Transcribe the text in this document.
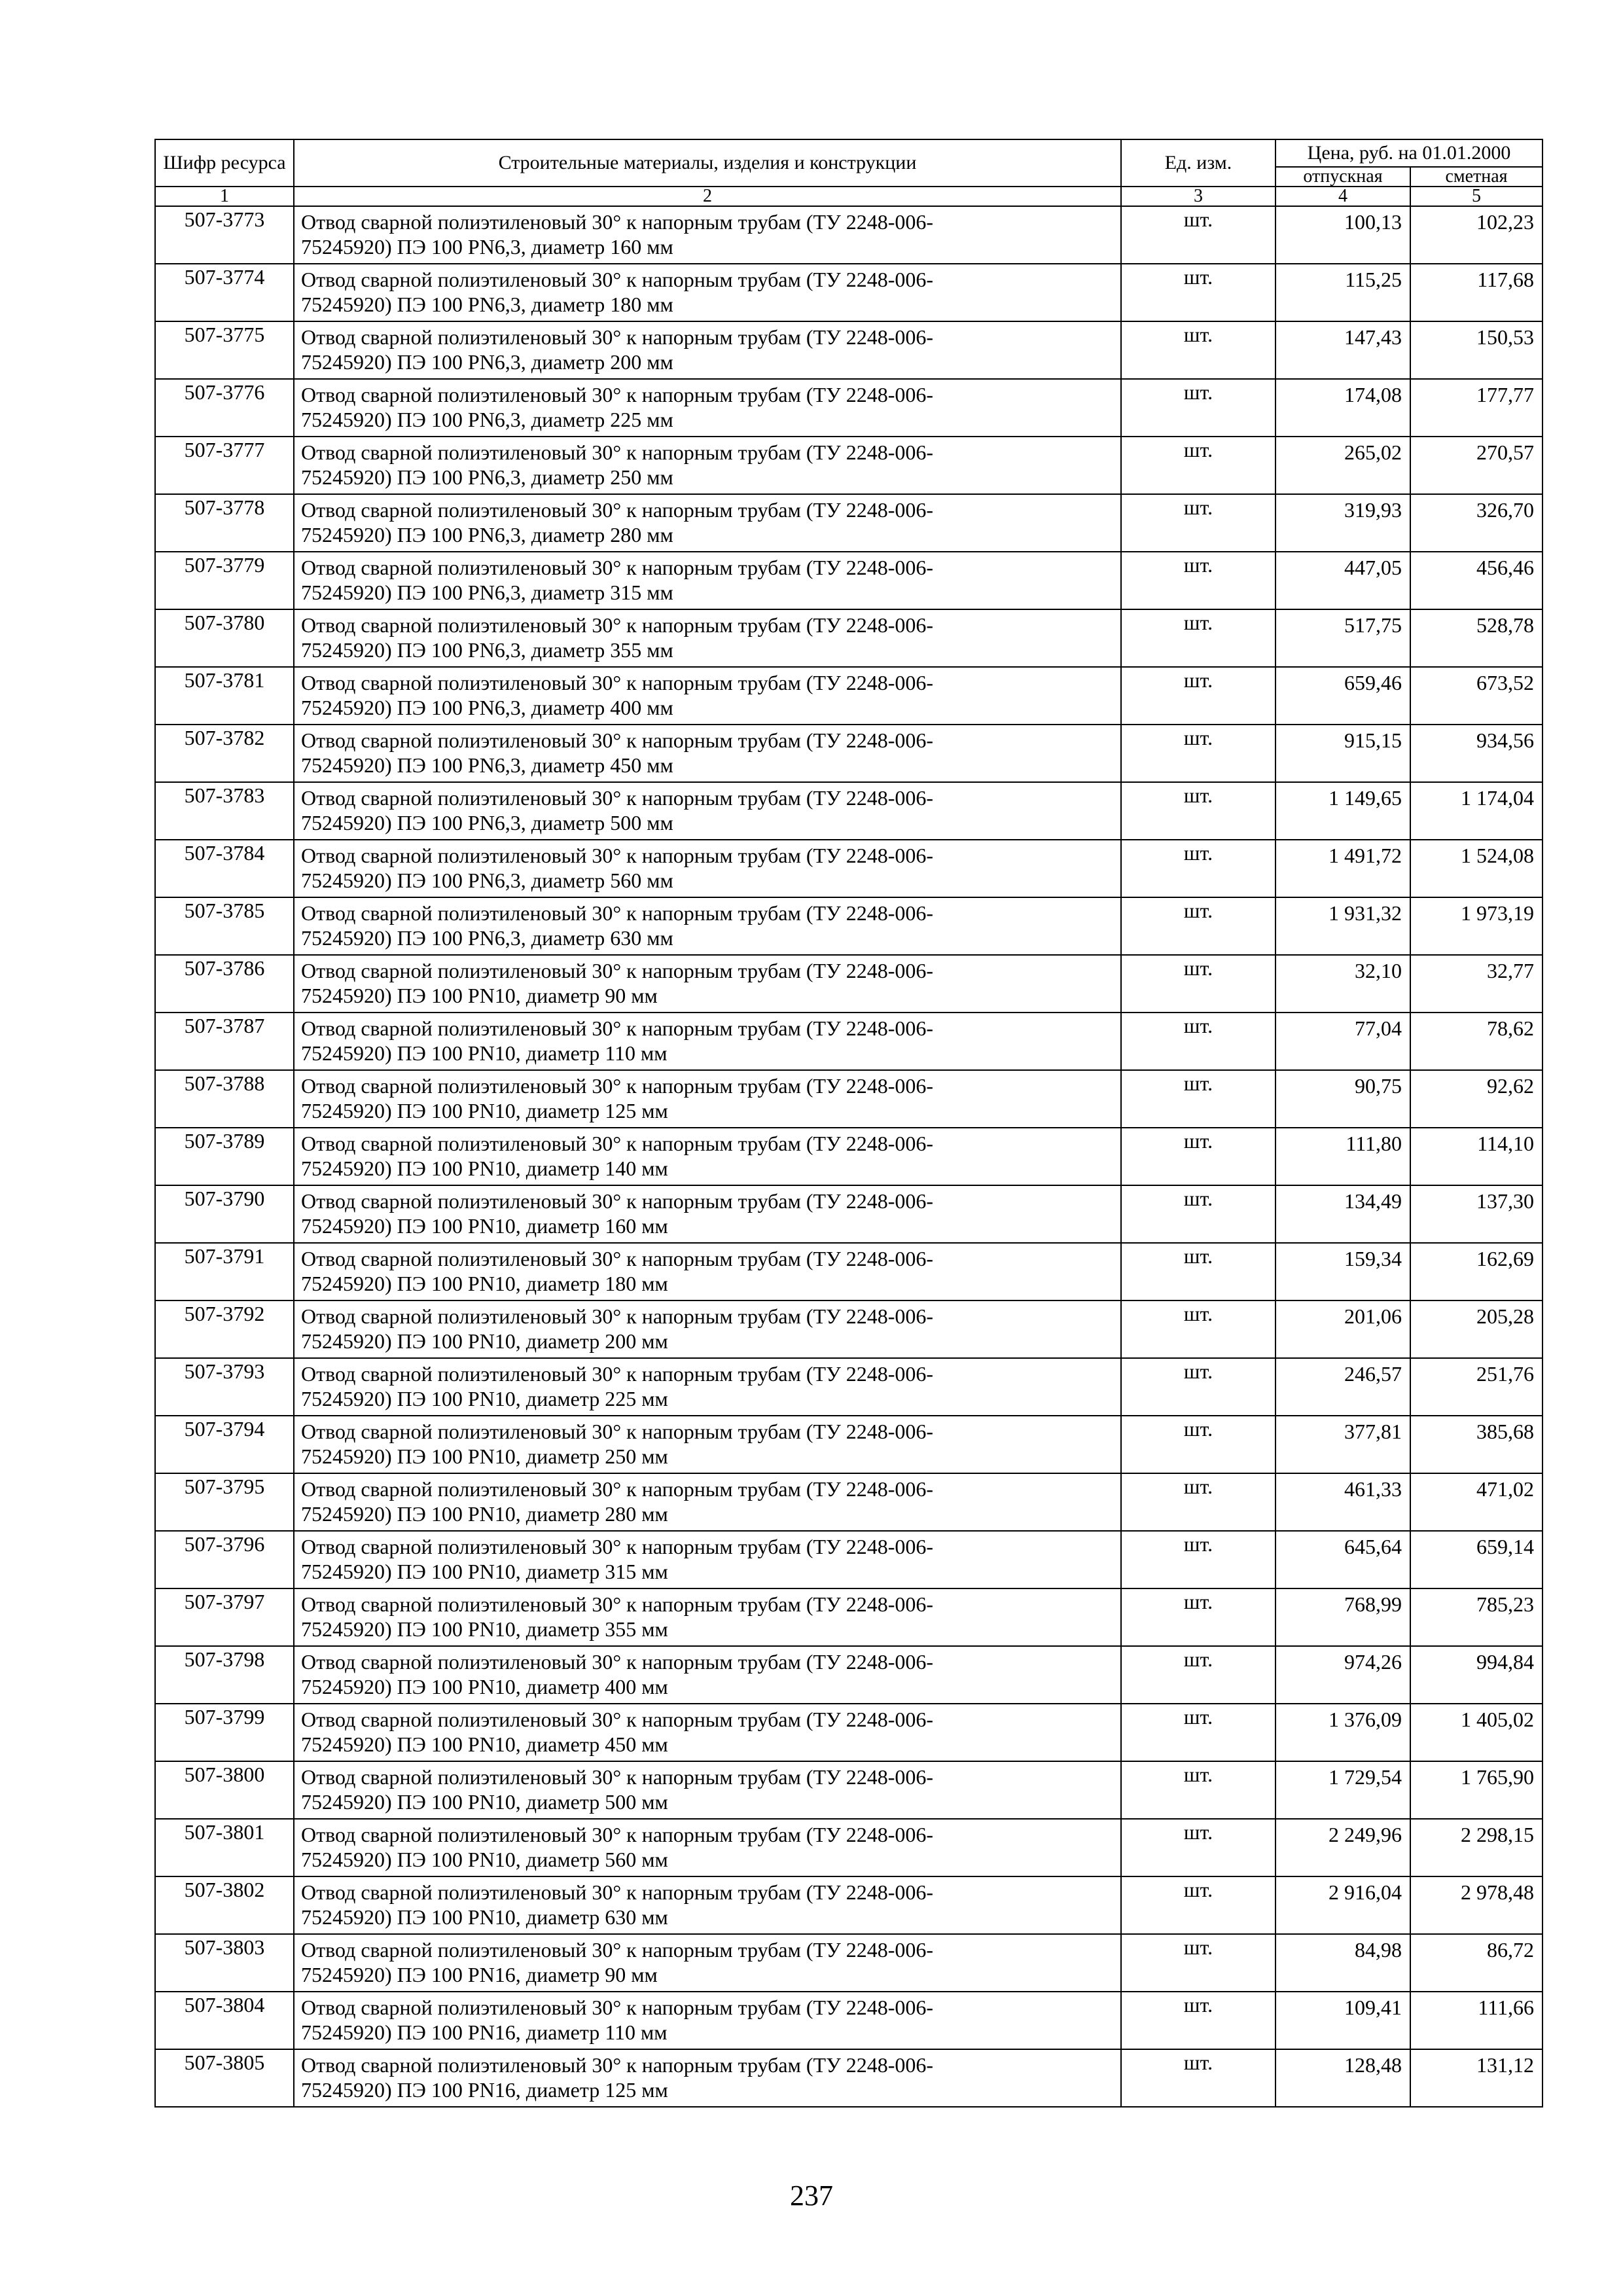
Шифр ресурса	Строительные материалы, изделия и конструкции	Ед. изм.	Цена, руб. на 01.01.2000	
			отпускная	сметная
1	2	3	4	5
507-3773	Отвод сварной полиэтиленовый 30° к напорным трубам (ТУ 2248-006-
75245920) ПЭ 100 PN6,3, диаметр 160 мм	шт.	100,13	102,23
507-3774	Отвод сварной полиэтиленовый 30° к напорным трубам (ТУ 2248-006-
75245920) ПЭ 100 PN6,3, диаметр 180 мм	шт.	115,25	117,68
507-3775	Отвод сварной полиэтиленовый 30° к напорным трубам (ТУ 2248-006-
75245920) ПЭ 100 PN6,3, диаметр 200 мм	шт.	147,43	150,53
507-3776	Отвод сварной полиэтиленовый 30° к напорным трубам (ТУ 2248-006-
75245920) ПЭ 100 PN6,3, диаметр 225 мм	шт.	174,08	177,77
507-3777	Отвод сварной полиэтиленовый 30° к напорным трубам (ТУ 2248-006-
75245920) ПЭ 100 PN6,3, диаметр 250 мм	шт.	265,02	270,57
507-3778	Отвод сварной полиэтиленовый 30° к напорным трубам (ТУ 2248-006-
75245920) ПЭ 100 PN6,3, диаметр 280 мм	шт.	319,93	326,70
507-3779	Отвод сварной полиэтиленовый 30° к напорным трубам (ТУ 2248-006-
75245920) ПЭ 100 PN6,3, диаметр 315 мм	шт.	447,05	456,46
507-3780	Отвод сварной полиэтиленовый 30° к напорным трубам (ТУ 2248-006-
75245920) ПЭ 100 PN6,3, диаметр 355 мм	шт.	517,75	528,78
507-3781	Отвод сварной полиэтиленовый 30° к напорным трубам (ТУ 2248-006-
75245920) ПЭ 100 PN6,3, диаметр 400 мм	шт.	659,46	673,52
507-3782	Отвод сварной полиэтиленовый 30° к напорным трубам (ТУ 2248-006-
75245920) ПЭ 100 PN6,3, диаметр 450 мм	шт.	915,15	934,56
507-3783	Отвод сварной полиэтиленовый 30° к напорным трубам (ТУ 2248-006-
75245920) ПЭ 100 PN6,3, диаметр 500 мм	шт.	1 149,65	1 174,04
507-3784	Отвод сварной полиэтиленовый 30° к напорным трубам (ТУ 2248-006-
75245920) ПЭ 100 PN6,3, диаметр 560 мм	шт.	1 491,72	1 524,08
507-3785	Отвод сварной полиэтиленовый 30° к напорным трубам (ТУ 2248-006-
75245920) ПЭ 100 PN6,3, диаметр 630 мм	шт.	1 931,32	1 973,19
507-3786	Отвод сварной полиэтиленовый 30° к напорным трубам (ТУ 2248-006-
75245920) ПЭ 100 PN10, диаметр 90 мм	шт.	32,10	32,77
507-3787	Отвод сварной полиэтиленовый 30° к напорным трубам (ТУ 2248-006-
75245920) ПЭ 100 PN10, диаметр 110 мм	шт.	77,04	78,62
507-3788	Отвод сварной полиэтиленовый 30° к напорным трубам (ТУ 2248-006-
75245920) ПЭ 100 PN10, диаметр 125 мм	шт.	90,75	92,62
507-3789	Отвод сварной полиэтиленовый 30° к напорным трубам (ТУ 2248-006-
75245920) ПЭ 100 PN10, диаметр 140 мм	шт.	111,80	114,10
507-3790	Отвод сварной полиэтиленовый 30° к напорным трубам (ТУ 2248-006-
75245920) ПЭ 100 PN10, диаметр 160 мм	шт.	134,49	137,30
507-3791	Отвод сварной полиэтиленовый 30° к напорным трубам (ТУ 2248-006-
75245920) ПЭ 100 PN10, диаметр 180 мм	шт.	159,34	162,69
507-3792	Отвод сварной полиэтиленовый 30° к напорным трубам (ТУ 2248-006-
75245920) ПЭ 100 PN10, диаметр 200 мм	шт.	201,06	205,28
507-3793	Отвод сварной полиэтиленовый 30° к напорным трубам (ТУ 2248-006-
75245920) ПЭ 100 PN10, диаметр 225 мм	шт.	246,57	251,76
507-3794	Отвод сварной полиэтиленовый 30° к напорным трубам (ТУ 2248-006-
75245920) ПЭ 100 PN10, диаметр 250 мм	шт.	377,81	385,68
507-3795	Отвод сварной полиэтиленовый 30° к напорным трубам (ТУ 2248-006-
75245920) ПЭ 100 PN10, диаметр 280 мм	шт.	461,33	471,02
507-3796	Отвод сварной полиэтиленовый 30° к напорным трубам (ТУ 2248-006-
75245920) ПЭ 100 PN10, диаметр 315 мм	шт.	645,64	659,14
507-3797	Отвод сварной полиэтиленовый 30° к напорным трубам (ТУ 2248-006-
75245920) ПЭ 100 PN10, диаметр 355 мм	шт.	768,99	785,23
507-3798	Отвод сварной полиэтиленовый 30° к напорным трубам (ТУ 2248-006-
75245920) ПЭ 100 PN10, диаметр 400 мм	шт.	974,26	994,84
507-3799	Отвод сварной полиэтиленовый 30° к напорным трубам (ТУ 2248-006-
75245920) ПЭ 100 PN10, диаметр 450 мм	шт.	1 376,09	1 405,02
507-3800	Отвод сварной полиэтиленовый 30° к напорным трубам (ТУ 2248-006-
75245920) ПЭ 100 PN10, диаметр 500 мм	шт.	1 729,54	1 765,90
507-3801	Отвод сварной полиэтиленовый 30° к напорным трубам (ТУ 2248-006-
75245920) ПЭ 100 PN10, диаметр 560 мм	шт.	2 249,96	2 298,15
507-3802	Отвод сварной полиэтиленовый 30° к напорным трубам (ТУ 2248-006-
75245920) ПЭ 100 PN10, диаметр 630 мм	шт.	2 916,04	2 978,48
507-3803	Отвод сварной полиэтиленовый 30° к напорным трубам (ТУ 2248-006-
75245920) ПЭ 100 PN16, диаметр 90 мм	шт.	84,98	86,72
507-3804	Отвод сварной полиэтиленовый 30° к напорным трубам (ТУ 2248-006-
75245920) ПЭ 100 PN16, диаметр 110 мм	шт.	109,41	111,66
507-3805	Отвод сварной полиэтиленовый 30° к напорным трубам (ТУ 2248-006-
75245920) ПЭ 100 PN16, диаметр 125 мм	шт.	128,48	131,12
237
